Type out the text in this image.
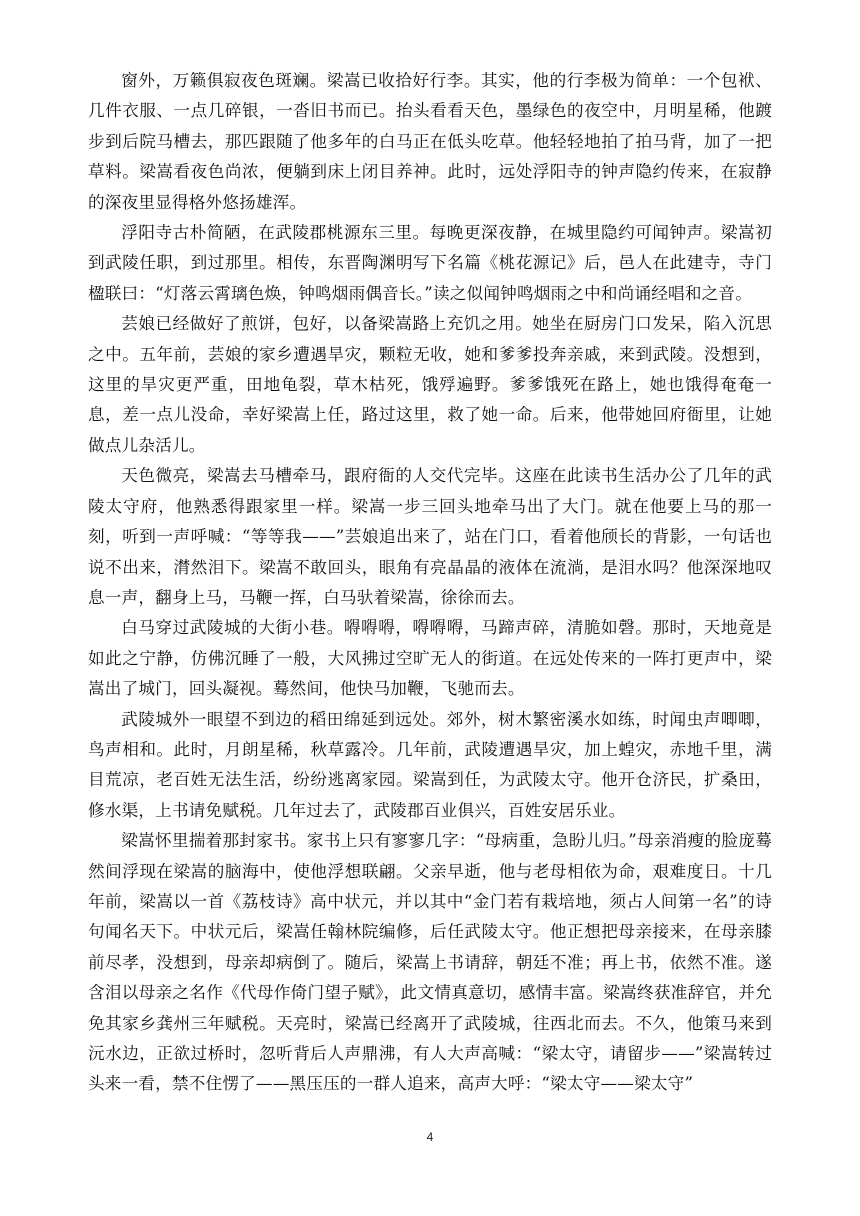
窗外，万籁俱寂夜色斑斓。梁嵩已收拾好行李。其实，他的行李极为简单：一个包袱、几件衣服、一点几碎银，一沓旧书而已。抬头看看天色，墨绿色的夜空中，月明星稀，他踱步到后院马槽去，那匹跟随了他多年的白马正在低头吃草。他轻轻地拍了拍马背，加了一把草料。梁嵩看夜色尚浓，便躺到床上闭目养神。此时，远处浮阳寺的钟声隐约传来，在寂静的深夜里显得格外悠扬雄浑。

浮阳寺古朴简陋，在武陵郡桃源东三里。每晚更深夜静，在城里隐约可闻钟声。梁嵩初到武陵任职，到过那里。相传，东晋陶渊明写下名篇《桃花源记》后，邑人在此建寺，寺门楹联曰：“灯落云霄璃色焕，钟鸣烟雨偶音长。”读之似闻钟鸣烟雨之中和尚诵经唱和之音。

芸娘已经做好了煎饼，包好，以备梁嵩路上充饥之用。她坐在厨房门口发呆，陷入沉思之中。五年前，芸娘的家乡遭遇旱灾，颗粒无收，她和爹爹投奔亲戚，来到武陵。没想到，这里的旱灾更严重，田地龟裂，草木枯死，饿殍遍野。爹爹饿死在路上，她也饿得奄奄一息，差一点儿没命，幸好梁嵩上任，路过这里，救了她一命。后来，他带她回府衙里，让她做点儿杂活儿。

天色微亮，梁嵩去马槽牵马，跟府衙的人交代完毕。这座在此读书生活办公了几年的武陵太守府，他熟悉得跟家里一样。梁嵩一步三回头地牵马出了大门。就在他要上马的那一刻，听到一声呼喊：“等等我——”芸娘追出来了，站在门口，看着他颀长的背影，一句话也说不出来，潸然泪下。梁嵩不敢回头，眼角有亮晶晶的液体在流淌，是泪水吗？他深深地叹息一声，翻身上马，马鞭一挥，白马驮着梁嵩，徐徐而去。

白马穿过武陵城的大街小巷。嘚嘚嘚，嘚嘚嘚，马蹄声碎，清脆如磬。那时，天地竟是如此之宁静，仿佛沉睡了一般，大风拂过空旷无人的街道。在远处传来的一阵打更声中，梁嵩出了城门，回头凝视。蓦然间，他快马加鞭，飞驰而去。

武陵城外一眼望不到边的稻田绵延到远处。郊外，树木繁密溪水如练，时闻虫声唧唧，鸟声相和。此时，月朗星稀，秋草露冷。几年前，武陵遭遇旱灾，加上蝗灾，赤地千里，满目荒凉，老百姓无法生活，纷纷逃离家园。梁嵩到任，为武陵太守。他开仓济民，扩桑田，修水渠，上书请免赋税。几年过去了，武陵郡百业俱兴，百姓安居乐业。

梁嵩怀里揣着那封家书。家书上只有寥寥几字：“母病重，急盼儿归。”母亲消瘦的脸庞蓦然间浮现在梁嵩的脑海中，使他浮想联翩。父亲早逝，他与老母相依为命，艰难度日。十几年前，梁嵩以一首《荔枝诗》高中状元，并以其中“金门若有栽培地，须占人间第一名”的诗句闻名天下。中状元后，梁嵩任翰林院编修，后任武陵太守。他正想把母亲接来，在母亲膝前尽孝，没想到，母亲却病倒了。随后，梁嵩上书请辞，朝廷不准；再上书，依然不准。遂含泪以母亲之名作《代母作倚门望子赋》，此文情真意切，感情丰富。梁嵩终获准辞官，并允免其家乡龚州三年赋税。天亮时，梁嵩已经离开了武陵城，往西北而去。不久，他策马来到沅水边，正欲过桥时，忽听背后人声鼎沸，有人大声高喊：“梁太守，请留步——”梁嵩转过头来一看，禁不住愣了——黑压压的一群人追来，高声大呼：“梁太守——梁太守”

4
